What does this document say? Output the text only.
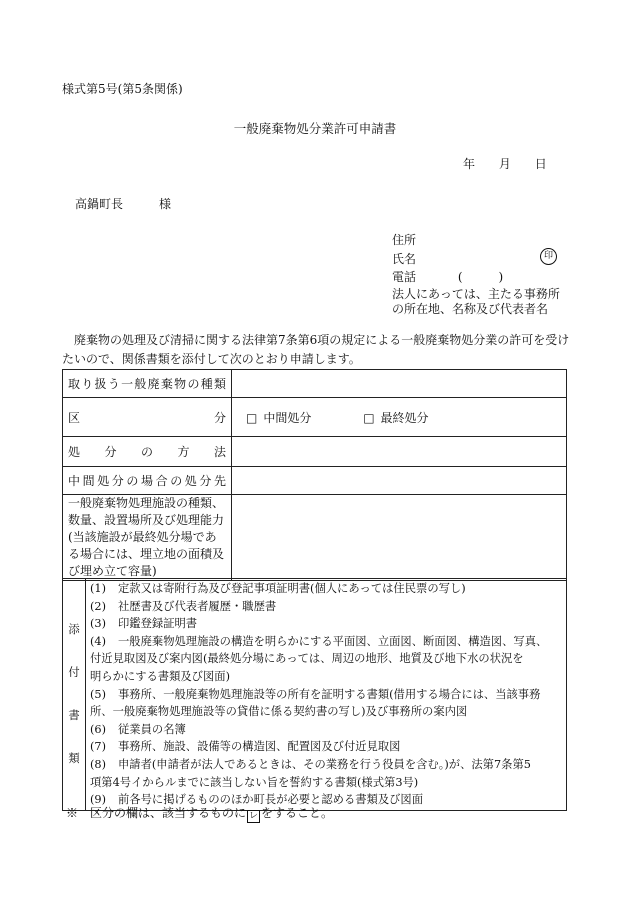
様式第5号(第5条関係)
一般廃棄物処分業許可申請書
年 月 日
高鍋町長	様
住所
氏名	印
電話	(　　　)
法人にあっては、主たる事務所
の所在地、名称及び代表者名
廃棄物の処理及び清掃に関する法律第7条第6項の規定による一般廃棄物処分業の許可を受けたいので、関係書類を添付して次のとおり申請します。
取り扱う一般廃棄物の種類	
区分	□ 中間処分 □ 最終処分
処分の方法	
中間処分の場合の処分先	
一般廃棄物処理施設の種類、数量、設置場所及び処理能力(当該施設が最終処分場である場合には、埋立地の面積及び埋め立て容量)	
添
付
書
類

(1) 定款又は寄附行為及び登記事項証明書(個人にあっては住民票の写し)
(2) 社歴書及び代表者履歴・職歴書
(3) 印鑑登録証明書
(4) 一般廃棄物処理施設の構造を明らかにする平面図、立面図、断面図、構造図、写真、
付近見取図及び案内図(最終処分場にあっては、周辺の地形、地質及び地下水の状況を
明らかにする書類及び図面)
(5) 事務所、一般廃棄物処理施設等の所有を証明する書類(借用する場合には、当該事務
所、一般廃棄物処理施設等の貸借に係る契約書の写し)及び事務所の案内図
(6) 従業員の名簿
(7) 事務所、施設、設備等の構造図、配置図及び付近見取図
(8) 申請者(申請者が法人であるときは、その業務を行う役員を含む。)が、法第7条第5
項第4号イからルまでに該当しない旨を誓約する書類(様式第3号)
(9) 前各号に掲げるもののほか町長が必要と認める書類及び図面
※　区分の欄は、該当するものに レ をすること。
